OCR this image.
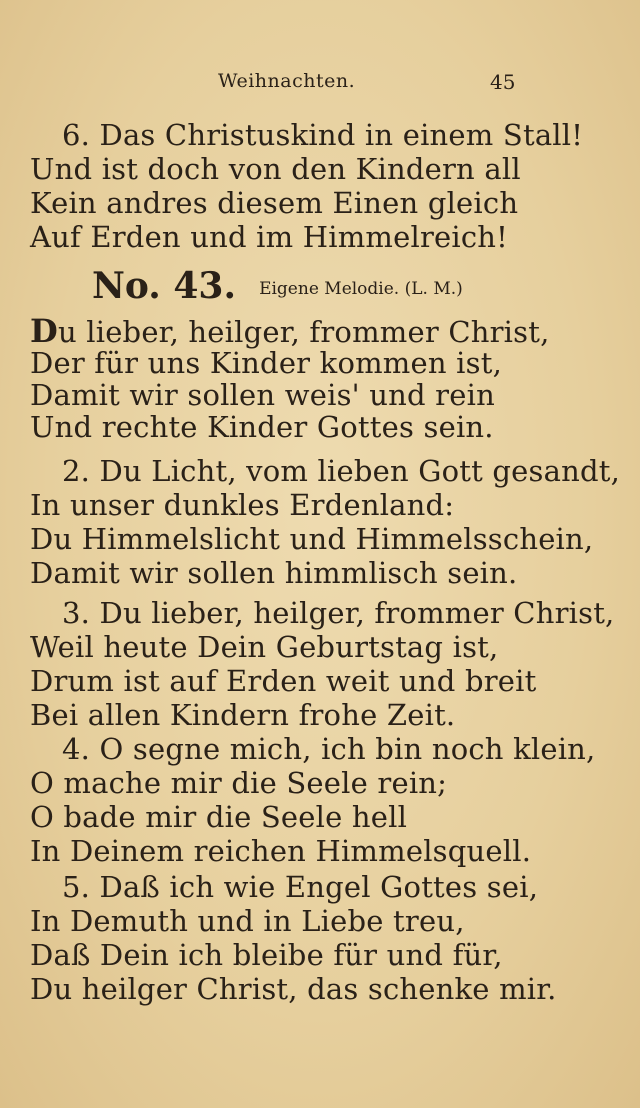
Weihnachten.	45
6. Das Christuskind in einem Stall!
Und ist doch von den Kindern all
Kein andres diesem Einen gleich
Auf Erden und im Himmelreich!
No. 43. Eigene Melodie. (L. M.)
Du lieber, heilger, frommer Christ,
Der für uns Kinder kommen ist,
Damit wir sollen weis' und rein
Und rechte Kinder Gottes sein.
2. Du Licht, vom lieben Gott gesandt,
In unser dunkles Erdenland:
Du Himmelslicht und Himmelsschein,
Damit wir sollen himmlisch sein.
3. Du lieber, heilger, frommer Christ,
Weil heute Dein Geburtstag ist,
Drum ist auf Erden weit und breit
Bei allen Kindern frohe Zeit.
4. O segne mich, ich bin noch klein,
O mache mir die Seele rein;
O bade mir die Seele hell
In Deinem reichen Himmelsquell.
5. Daß ich wie Engel Gottes sei,
In Demuth und in Liebe treu,
Daß Dein ich bleibe für und für,
Du heilger Christ, das schenke mir.
